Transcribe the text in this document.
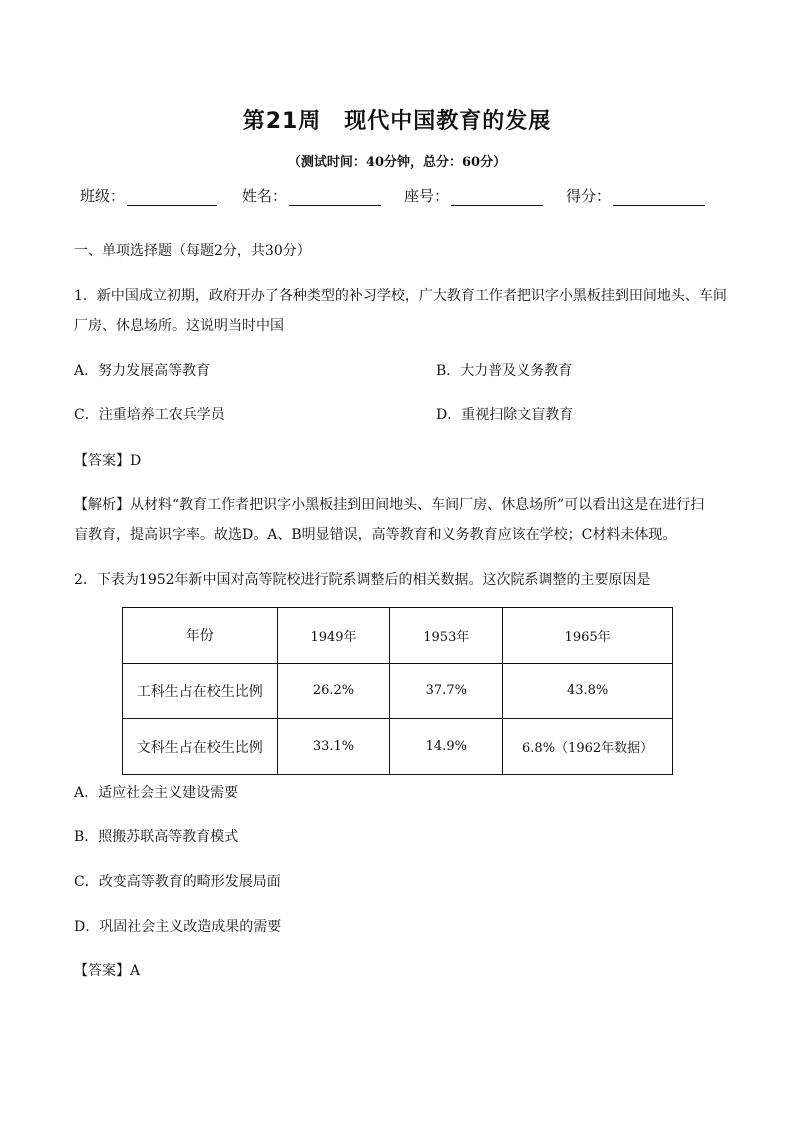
第21周　现代中国教育的发展
（测试时间：40分钟，总分：60分）
班级：	姓名：	座号：	得分：
一、单项选择题（每题2分，共30分）
1．新中国成立初期，政府开办了各种类型的补习学校，广大教育工作者把识字小黑板挂到田间地头、车间
厂房、休息场所。这说明当时中国
A．努力发展高等教育	B．大力普及义务教育
C．注重培养工农兵学员	D．重视扫除文盲教育
【答案】D
【解析】从材料“教育工作者把识字小黑板挂到田间地头、车间厂房、休息场所”可以看出这是在进行扫
盲教育，提高识字率。故选D。A、B明显错误，高等教育和义务教育应该在学校；C材料未体现。
2．下表为1952年新中国对高等院校进行院系调整后的相关数据。这次院系调整的主要原因是
年份	1949年	1953年	1965年
工科生占在校生比例	26.2%	37.7%	43.8%
文科生占在校生比例	33.1%	14.9%	6.8%（1962年数据）
A．适应社会主义建设需要
B．照搬苏联高等教育模式
C．改变高等教育的畸形发展局面
D．巩固社会主义改造成果的需要
【答案】A
